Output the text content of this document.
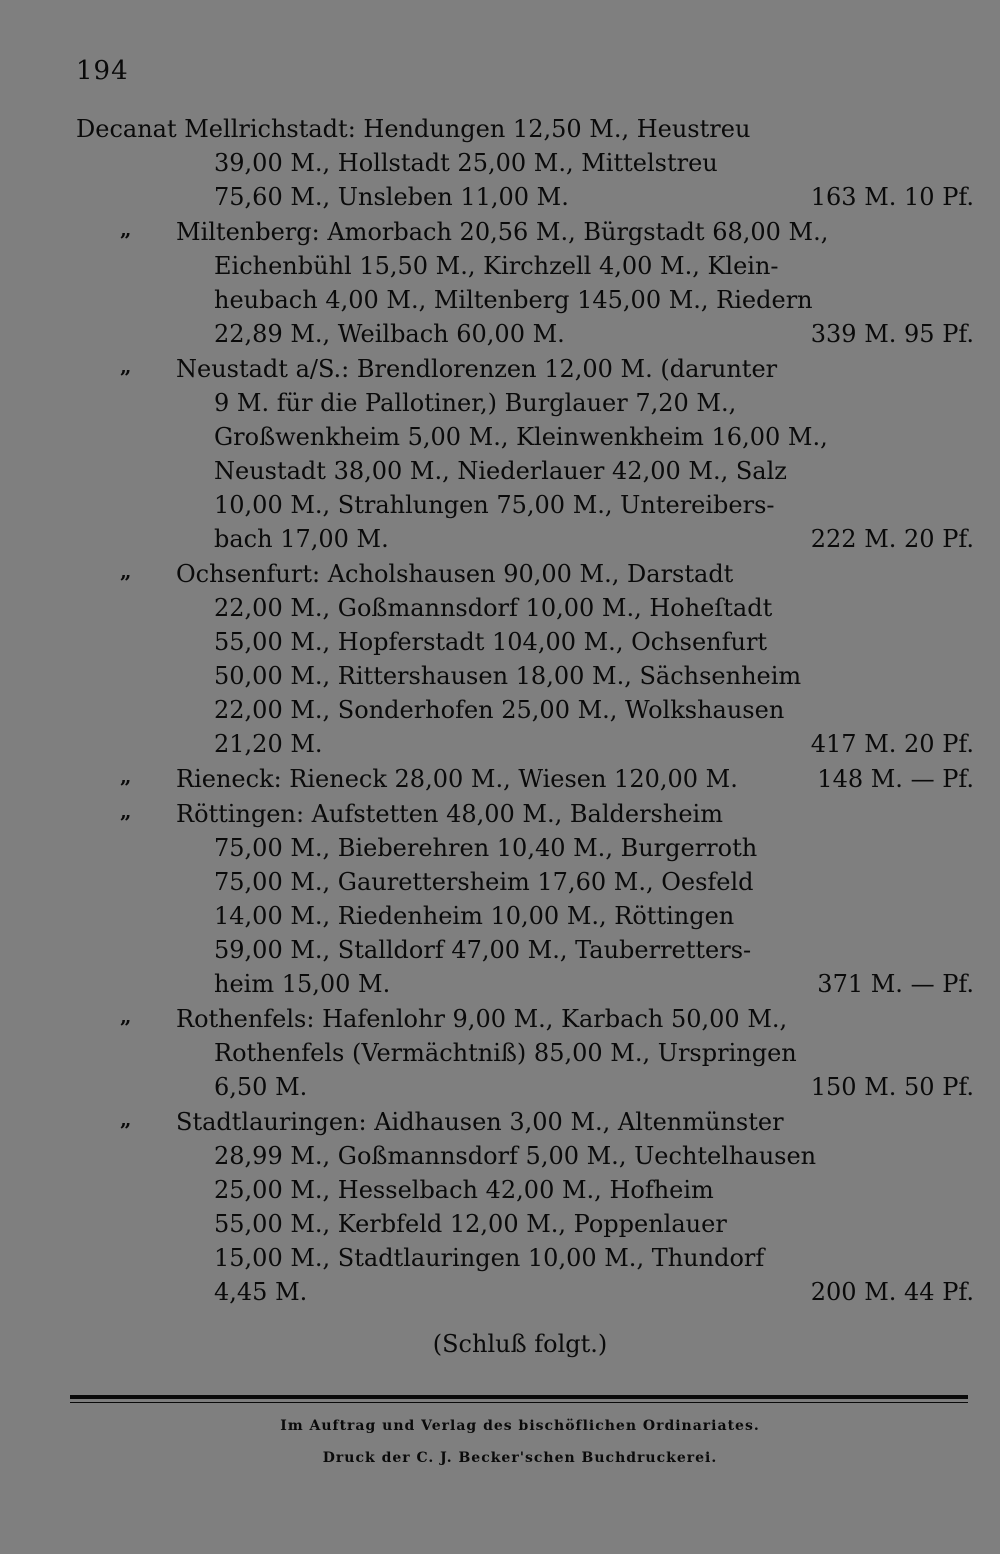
194
Decanat Mellrichstadt: Hendungen 12,50 M., Heustreu
39,00 M., Hollstadt 25,00 M., Mittelstreu
75,60 M., Unsleben 11,00 M.	163 M. 10 Pf.
„ Miltenberg: Amorbach 20,56 M., Bürgstadt 68,00 M.,
Eichenbühl 15,50 M., Kirchzell 4,00 M., Klein-
heubach 4,00 M., Miltenberg 145,00 M., Riedern
22,89 M., Weilbach 60,00 M.	339 M. 95 Pf.
„ Neustadt a/S.: Brendlorenzen 12,00 M. (darunter
9 M. für die Pallotiner,) Burglauer 7,20 M.,
Großwenkheim 5,00 M., Kleinwenkheim 16,00 M.,
Neustadt 38,00 M., Niederlauer 42,00 M., Salz
10,00 M., Strahlungen 75,00 M., Untereibers-
bach 17,00 M.	222 M. 20 Pf.
„ Ochsenfurt: Acholshausen 90,00 M., Darstadt
22,00 M., Goßmannsdorf 10,00 M., Hoheſtadt
55,00 M., Hopferstadt 104,00 M., Ochsenfurt
50,00 M., Rittershausen 18,00 M., Sächsenheim
22,00 M., Sonderhofen 25,00 M., Wolkshausen
21,20 M.	417 M. 20 Pf.
„ Rieneck: Rieneck 28,00 M., Wiesen 120,00 M.	148 M. — Pf.
„ Röttingen: Aufstetten 48,00 M., Baldersheim
75,00 M., Bieberehren 10,40 M., Burgerroth
75,00 M., Gaurettersheim 17,60 M., Oesfeld
14,00 M., Riedenheim 10,00 M., Röttingen
59,00 M., Stalldorf 47,00 M., Tauberretters-
heim 15,00 M.	371 M. — Pf.
„ Rothenfels: Hafenlohr 9,00 M., Karbach 50,00 M.,
Rothenfels (Vermächtniß) 85,00 M., Urspringen
6,50 M.	150 M. 50 Pf.
„ Stadtlauringen: Aidhausen 3,00 M., Altenmünster
28,99 M., Goßmannsdorf 5,00 M., Uechtelhausen
25,00 M., Hesselbach 42,00 M., Hofheim
55,00 M., Kerbfeld 12,00 M., Poppenlauer
15,00 M., Stadtlauringen 10,00 M., Thundorf
4,45 M.	200 M. 44 Pf.
(Schluß folgt.)
Im Auftrag und Verlag des bischöflichen Ordinariates.
Druck der C. J. Becker'schen Buchdruckerei.
